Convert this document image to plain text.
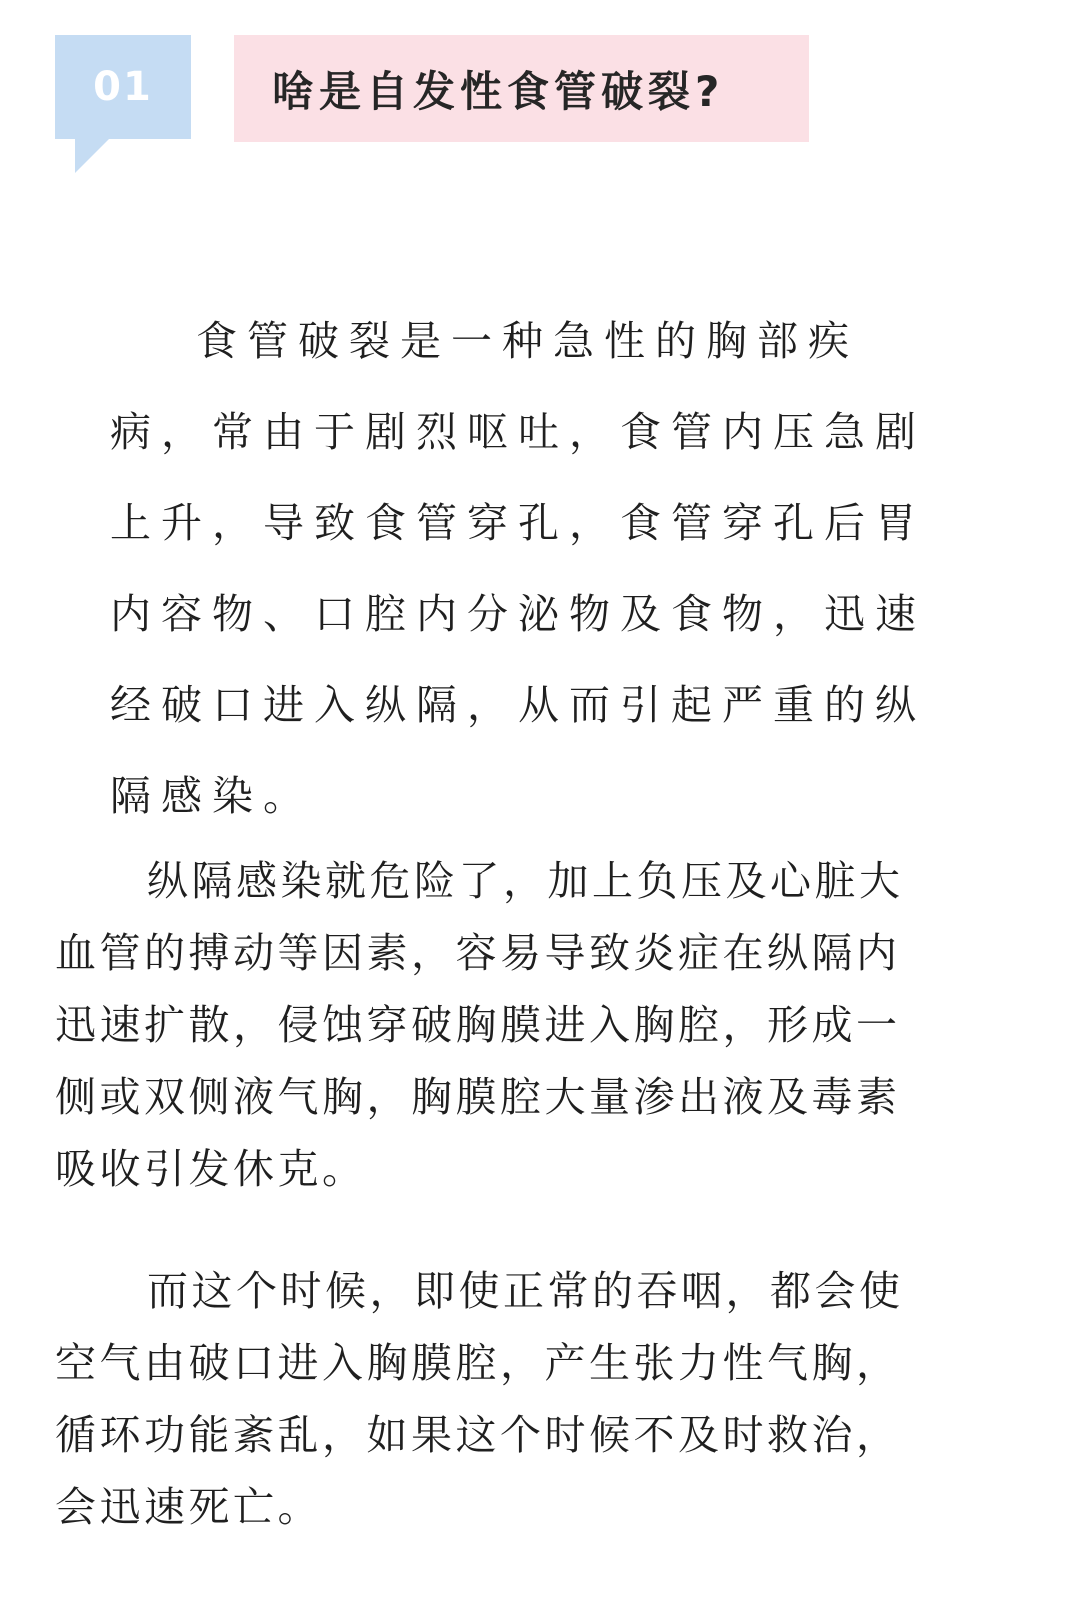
01	啥是自发性食管破裂?
食管破裂是一种急性的胸部疾
病，常由于剧烈呕吐，食管内压急剧
上升，导致食管穿孔，食管穿孔后胃
内容物、口腔内分泌物及食物，迅速
经破口进入纵隔，从而引起严重的纵
隔感染。
纵隔感染就危险了，加上负压及心脏大
血管的搏动等因素，容易导致炎症在纵隔内
迅速扩散，侵蚀穿破胸膜进入胸腔，形成一
侧或双侧液气胸，胸膜腔大量渗出液及毒素
吸收引发休克。
而这个时候，即使正常的吞咽，都会使
空气由破口进入胸膜腔，产生张力性气胸，
循环功能紊乱，如果这个时候不及时救治，
会迅速死亡。
